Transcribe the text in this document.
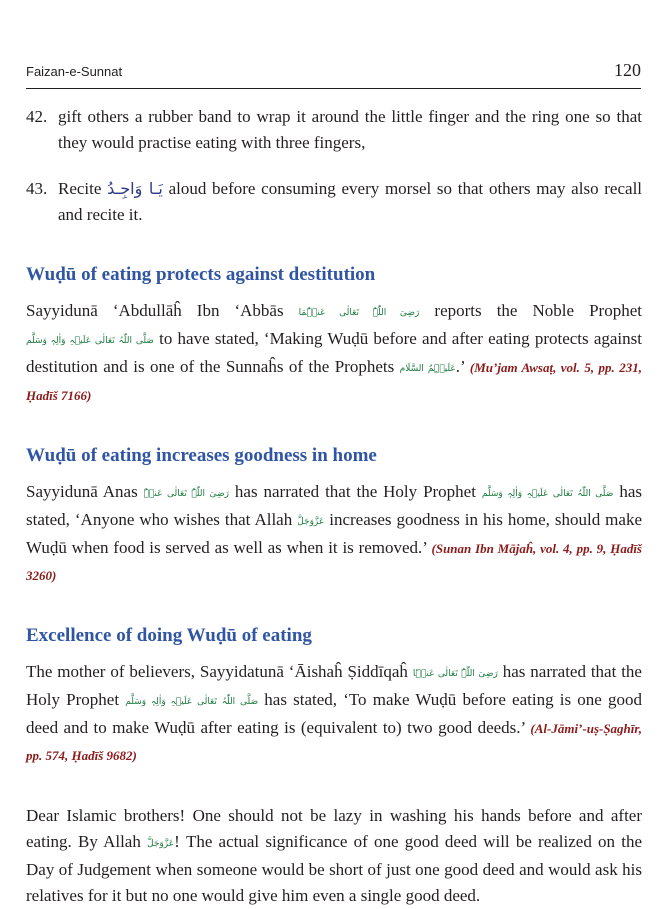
Faizan-e-Sunnat	120
42. gift others a rubber band to wrap it around the little finger and the ring one so that they would practise eating with three fingers,
43. Recite يَـا وَاجِـدُ aloud before consuming every morsel so that others may also recall and recite it.
Wuḍū of eating protects against destitution

Sayyidunā ‘Abdullāĥ Ibn ‘Abbās رَضِیَ اللّٰہُ تَعَالٰی عَنۡہُمَا reports the Noble Prophet صَلَّی اللّٰہُ تَعَالٰی عَلَیۡہِ وَاٰلِہٖ وَسَلَّم to have stated, ‘Making Wuḍū before and after eating protects against destitution and is one of the Sunnaĥs of the Prophets عَلَیۡہِمُ السَّلَام.’ (Mu’jam Awsaṭ, vol. 5, pp. 231, Ḥadīš 7166)

Wuḍū of eating increases goodness in home

Sayyidunā Anas رَضِیَ اللّٰہُ تَعَالٰی عَنۡہُ has narrated that the Holy Prophet صَلَّی اللّٰہُ تَعَالٰی عَلَیۡہِ وَاٰلِہٖ وَسَلَّم has stated, ‘Anyone who wishes that Allah عَزَّوَجَلَّ increases goodness in his home, should make Wuḍū when food is served as well as when it is removed.’ (Sunan Ibn Mājaĥ, vol. 4, pp. 9, Ḥadīš 3260)

Excellence of doing Wuḍū of eating

The mother of believers, Sayyidatunā ‘Āishaĥ Ṣiddīqaĥ رَضِیَ اللّٰہُ تَعَالٰی عَنۡہَا has narrated that the Holy Prophet صَلَّی اللّٰہُ تَعَالٰی عَلَیۡہِ وَاٰلِہٖ وَسَلَّم has stated, ‘To make Wuḍū before eating is one good deed and to make Wuḍū after eating is (equivalent to) two good deeds.’ (Al-Jāmi’-uṣ-Ṣaghīr, pp. 574, Ḥadīš 9682)

Dear Islamic brothers! One should not be lazy in washing his hands before and after eating. By Allah عَزَّوَجَلَّ! The actual significance of one good deed will be realized on the Day of Judgement when someone would be short of just one good deed and would ask his relatives for it but no one would give him even a single good deed.
